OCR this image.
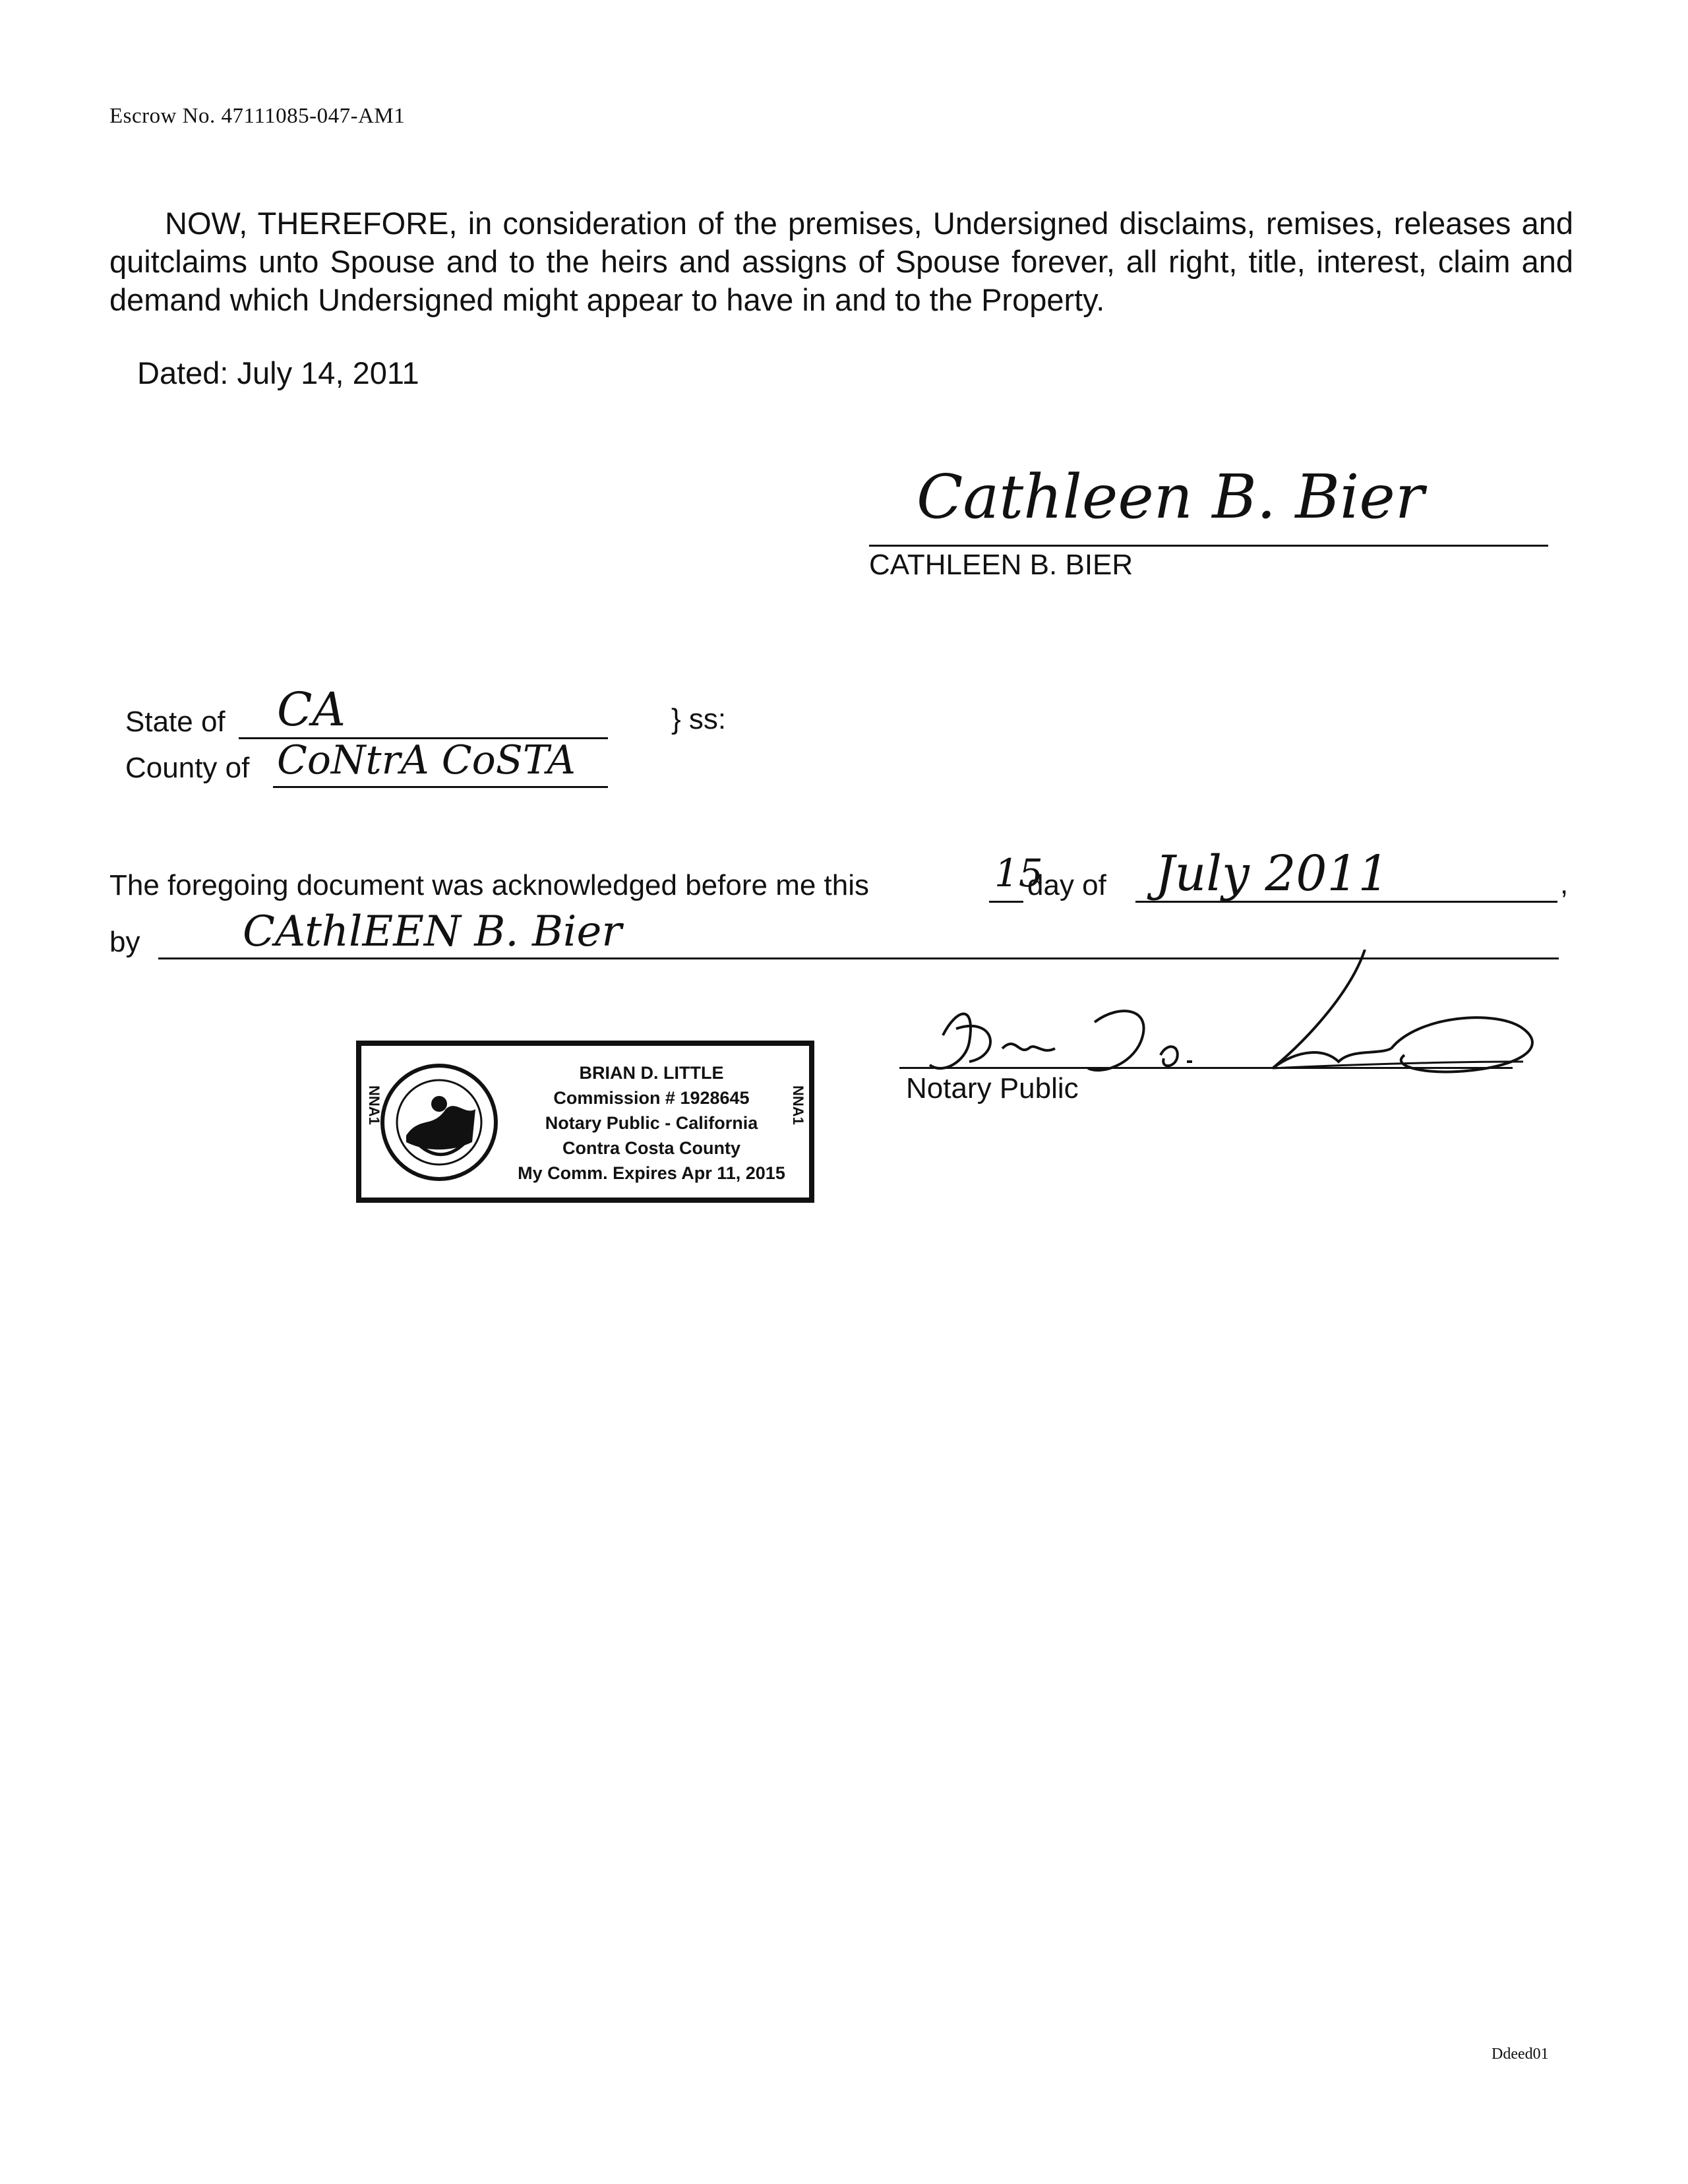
Escrow No. 47111085-047-AM1
NOW, THEREFORE, in consideration of the premises, Undersigned disclaims, remises, releases and quitclaims unto Spouse and to the heirs and assigns of Spouse forever, all right, title, interest, claim and demand which Undersigned might appear to have in and to the Property.
Dated: July 14, 2011
Cathleen B. Bier
CATHLEEN B. BIER
State of CA	} ss:
County of CoNtrA CoSTA
The foregoing document was acknowledged before me this	15
day of July 2011	,
by CAthlEEN B. Bier
Notary Public
NNA1	NNA1
BRIAN D. LITTLE
Commission # 1928645
Notary Public - California
Contra Costa County
My Comm. Expires Apr 11, 2015
Ddeed01
